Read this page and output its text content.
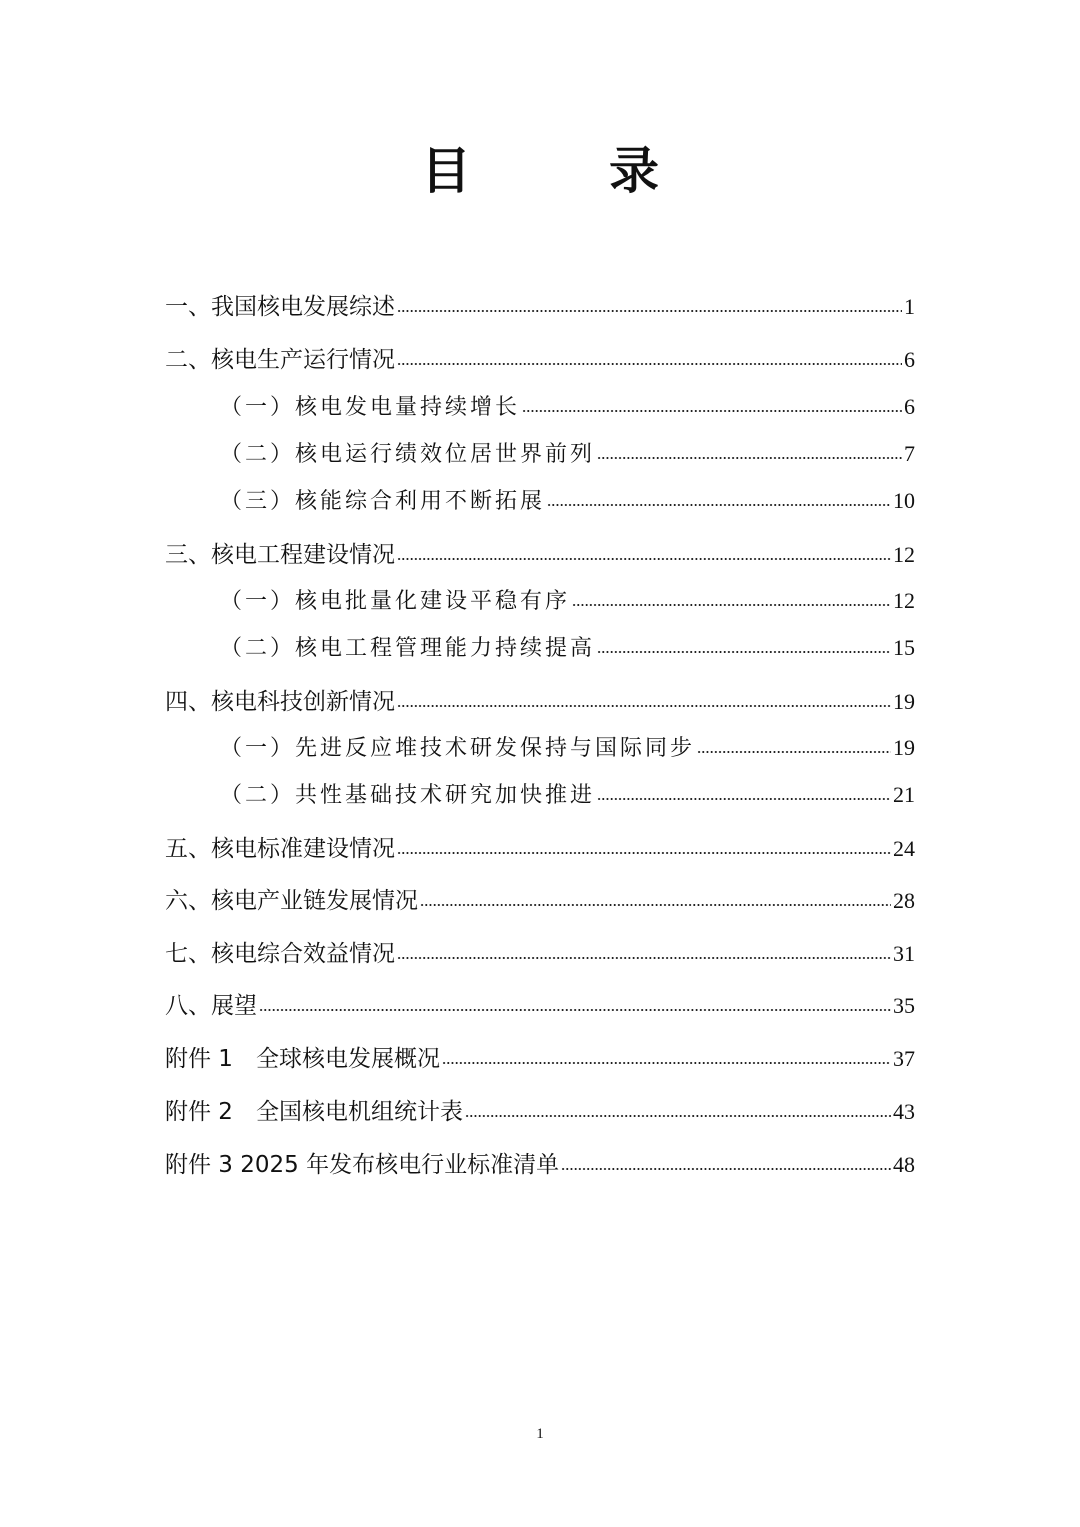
目　录
一、我国核电发展综述	1
二、核电生产运行情况	6
（一）核电发电量持续增长	6
（二）核电运行绩效位居世界前列	7
（三）核能综合利用不断拓展	10
三、核电工程建设情况	12
（一）核电批量化建设平稳有序	12
（二）核电工程管理能力持续提高	15
四、核电科技创新情况	19
（一）先进反应堆技术研发保持与国际同步	19
（二）共性基础技术研究加快推进	21
五、核电标准建设情况	24
六、核电产业链发展情况	28
七、核电综合效益情况	31
八、展望	35
附件 1　全球核电发展概况	37
附件 2　全国核电机组统计表	43
附件 3 2025 年发布核电行业标准清单	48
1
